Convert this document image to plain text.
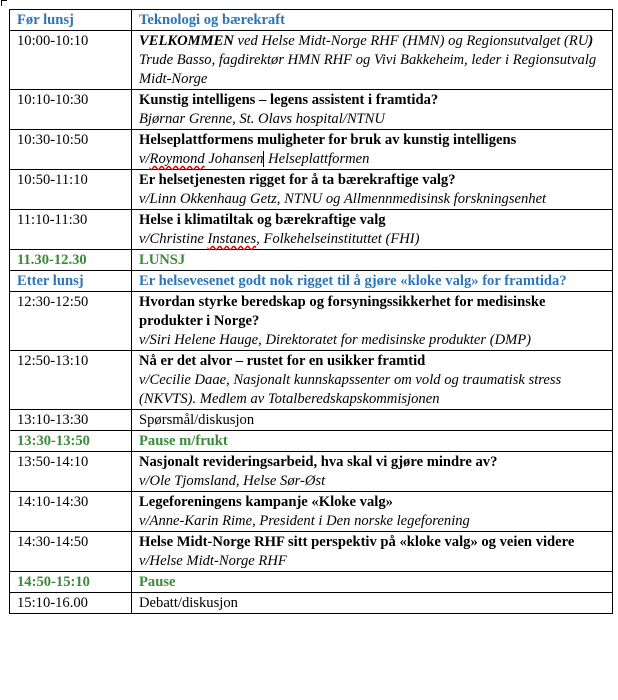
Før lunsj	Teknologi og bærekraft
10:00-10:10	VELKOMMEN ved Helse Midt-Norge RHF (HMN) og Regionsutvalget (RU)
Trude Basso, fagdirektør HMN RHF og Vivi Bakkeheim, leder i Regionsutvalg Midt-Norge

10:10-10:30	Kunstig intelligens – legens assistent i framtida?
Bjørnar Grenne, St. Olavs hospital/NTNU

10:30-10:50	Helseplattformens muligheter for bruk av kunstig intelligens
v/Roymond Johansen Helseplattformen

10:50-11:10	Er helsetjenesten rigget for å ta bærekraftige valg?
v/Linn Okkenhaug Getz, NTNU og Allmennmedisinsk forskningsenhet

11:10-11:30	Helse i klimatiltak og bærekraftige valg
v/Christine Instanes, Folkehelseinstituttet (FHI)

11.30-12.30	LUNSJ
Etter lunsj	Er helsevesenet godt nok rigget til å gjøre «kloke valg» for framtida?
12:30-12:50	Hvordan styrke beredskap og forsyningssikkerhet for medisinske produkter i Norge?
v/Siri Helene Hauge, Direktoratet for medisinske produkter (DMP)

12:50-13:10	Nå er det alvor – rustet for en usikker framtid
v/Cecilie Daae, Nasjonalt kunnskapssenter om vold og traumatisk stress (NKVTS). Medlem av Totalberedskapskommisjonen

13:10-13:30	Spørsmål/diskusjon
13:30-13:50	Pause m/frukt
13:50-14:10	Nasjonalt revideringsarbeid, hva skal vi gjøre mindre av?
v/Ole Tjomsland, Helse Sør-Øst

14:10-14:30	Legeforeningens kampanje «Kloke valg»
v/Anne-Karin Rime, President i Den norske legeforening

14:30-14:50	Helse Midt-Norge RHF sitt perspektiv på «kloke valg» og veien videre
v/Helse Midt-Norge RHF

14:50-15:10	Pause
15:10-16.00	Debatt/diskusjon
